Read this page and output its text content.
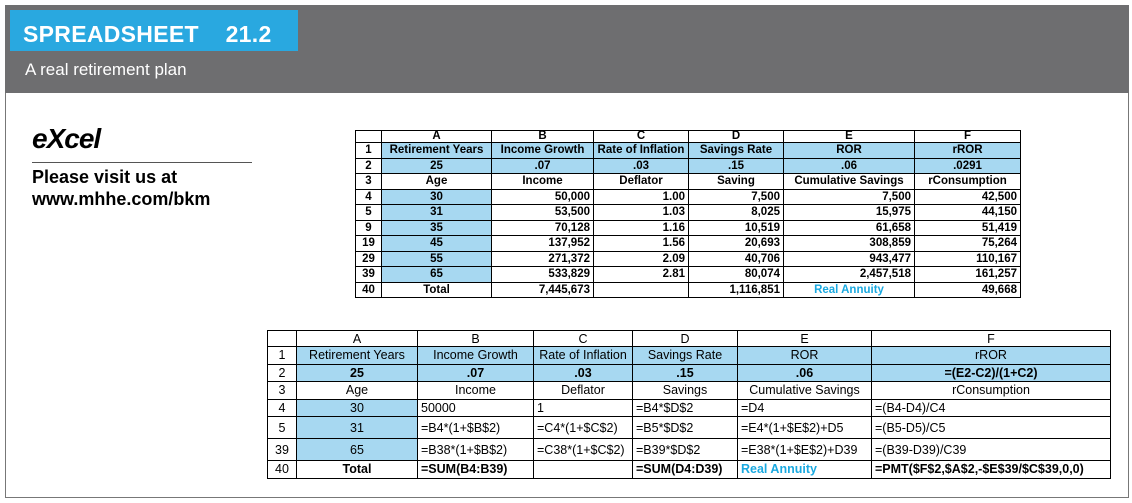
SPREADSHEET    21.2
A real retirement plan
eXcel
Please visit us at
www.mhhe.com/bkm
	A	B	C	D	E	F
1	Retirement Years	Income Growth	Rate of Inflation	Savings Rate	ROR	rROR
2	25	.07	.03	.15	.06	.0291
3	Age	Income	Deflator	Saving	Cumulative Savings	rConsumption
4	30	50,000	1.00	7,500	7,500	42,500
5	31	53,500	1.03	8,025	15,975	44,150
9	35	70,128	1.16	10,519	61,658	51,419
19	45	137,952	1.56	20,693	308,859	75,264
29	55	271,372	2.09	40,706	943,477	110,167
39	65	533,829	2.81	80,074	2,457,518	161,257
40	Total	7,445,673		1,116,851	Real Annuity	49,668
	A	B	C	D	E	F
1	Retirement Years	Income Growth	Rate of Inflation	Savings Rate	ROR	rROR
2	25	.07	.03	.15	.06	=(E2-C2)/(1+C2)
3	Age	Income	Deflator	Savings	Cumulative Savings	rConsumption
4	30	50000	1	=B4*$D$2	=D4	=(B4-D4)/C4
5	31	=B4*(1+$B$2)	=C4*(1+$C$2)	=B5*$D$2	=E4*(1+$E$2)+D5	=(B5-D5)/C5
39	65	=B38*(1+$B$2)	=C38*(1+$C$2)	=B39*$D$2	=E38*(1+$E$2)+D39	=(B39-D39)/C39
40	Total	=SUM(B4:B39)		=SUM(D4:D39)	Real Annuity	=PMT($F$2,$A$2,-$E$39/$C$39,0,0)
